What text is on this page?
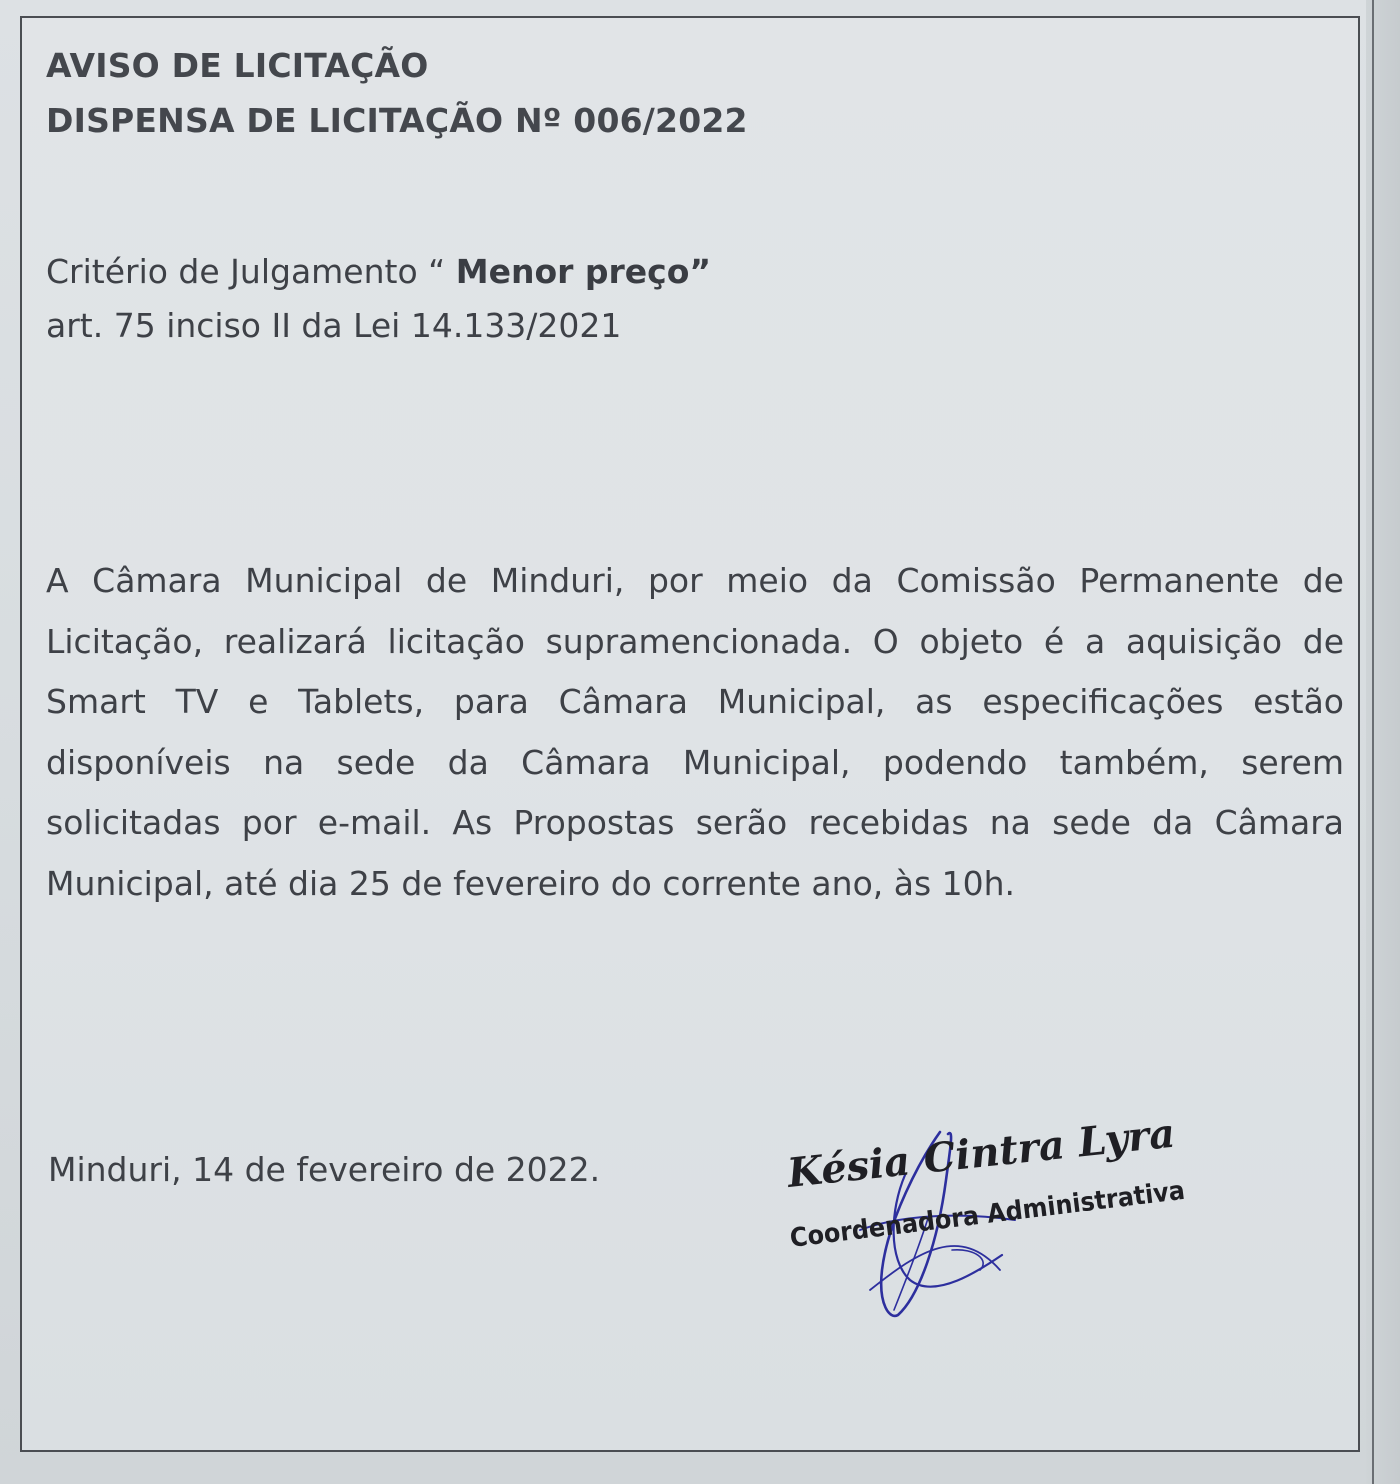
AVISO DE LICITAÇÃO
DISPENSA DE LICITAÇÃO Nº 006/2022
Critério de Julgamento “ Menor preço”
art. 75 inciso II da Lei 14.133/2021
A Câmara Municipal de Minduri, por meio da Comissão Permanente de Licitação, realizará licitação supramencionada. O objeto é a aquisição de Smart TV e Tablets, para Câmara Municipal, as especificações estão disponíveis na sede da Câmara Municipal, podendo também, serem solicitadas por e-mail. As Propostas serão recebidas na sede da Câmara Municipal, até dia 25 de fevereiro do corrente ano, às 10h.
Minduri, 14 de fevereiro de 2022.	Késia Cintra Lyra
Coordenadora Administrativa
